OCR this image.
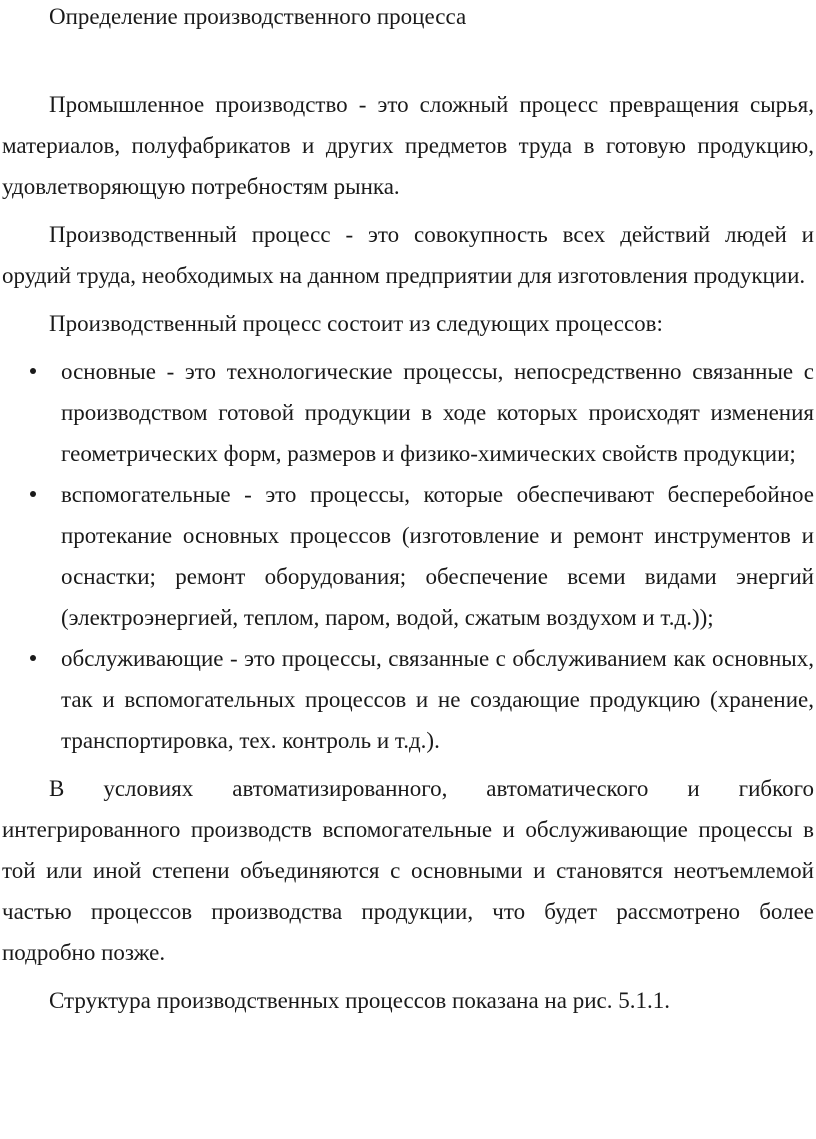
Определение производственного процесса

Промышленное производство - это сложный процесс превращения сырья, материалов, полуфабрикатов и других предметов труда в готовую продукцию, удовлетворяющую потребностям рынка.

Производственный процесс - это совокупность всех действий людей и орудий труда, необходимых на данном предприятии для изготовления продукции.

Производственный процесс состоит из следующих процессов:

основные - это технологические процессы, непосредственно связанные с производством готовой продукции в ходе которых происходят изменения геометрических форм, размеров и физико-химических свойств продукции;
вспомогательные - это процессы, которые обеспечивают бесперебойное протекание основных процессов (изготовление и ремонт инструментов и оснастки; ремонт оборудования; обеспечение всеми видами энергий (электроэнергией, теплом, паром, водой, сжатым воздухом и т.д.));
обслуживающие - это процессы, связанные с обслуживанием как основных, так и вспомогательных процессов и не создающие продукцию (хранение, транспортировка, тех. контроль и т.д.).

В условиях автоматизированного, автоматического и гибкого интегрированного производств вспомогательные и обслуживающие процессы в той или иной степени объединяются с основными и становятся неотъемлемой частью процессов производства продукции, что будет рассмотрено более подробно позже.

Структура производственных процессов показана на рис. 5.1.1.
